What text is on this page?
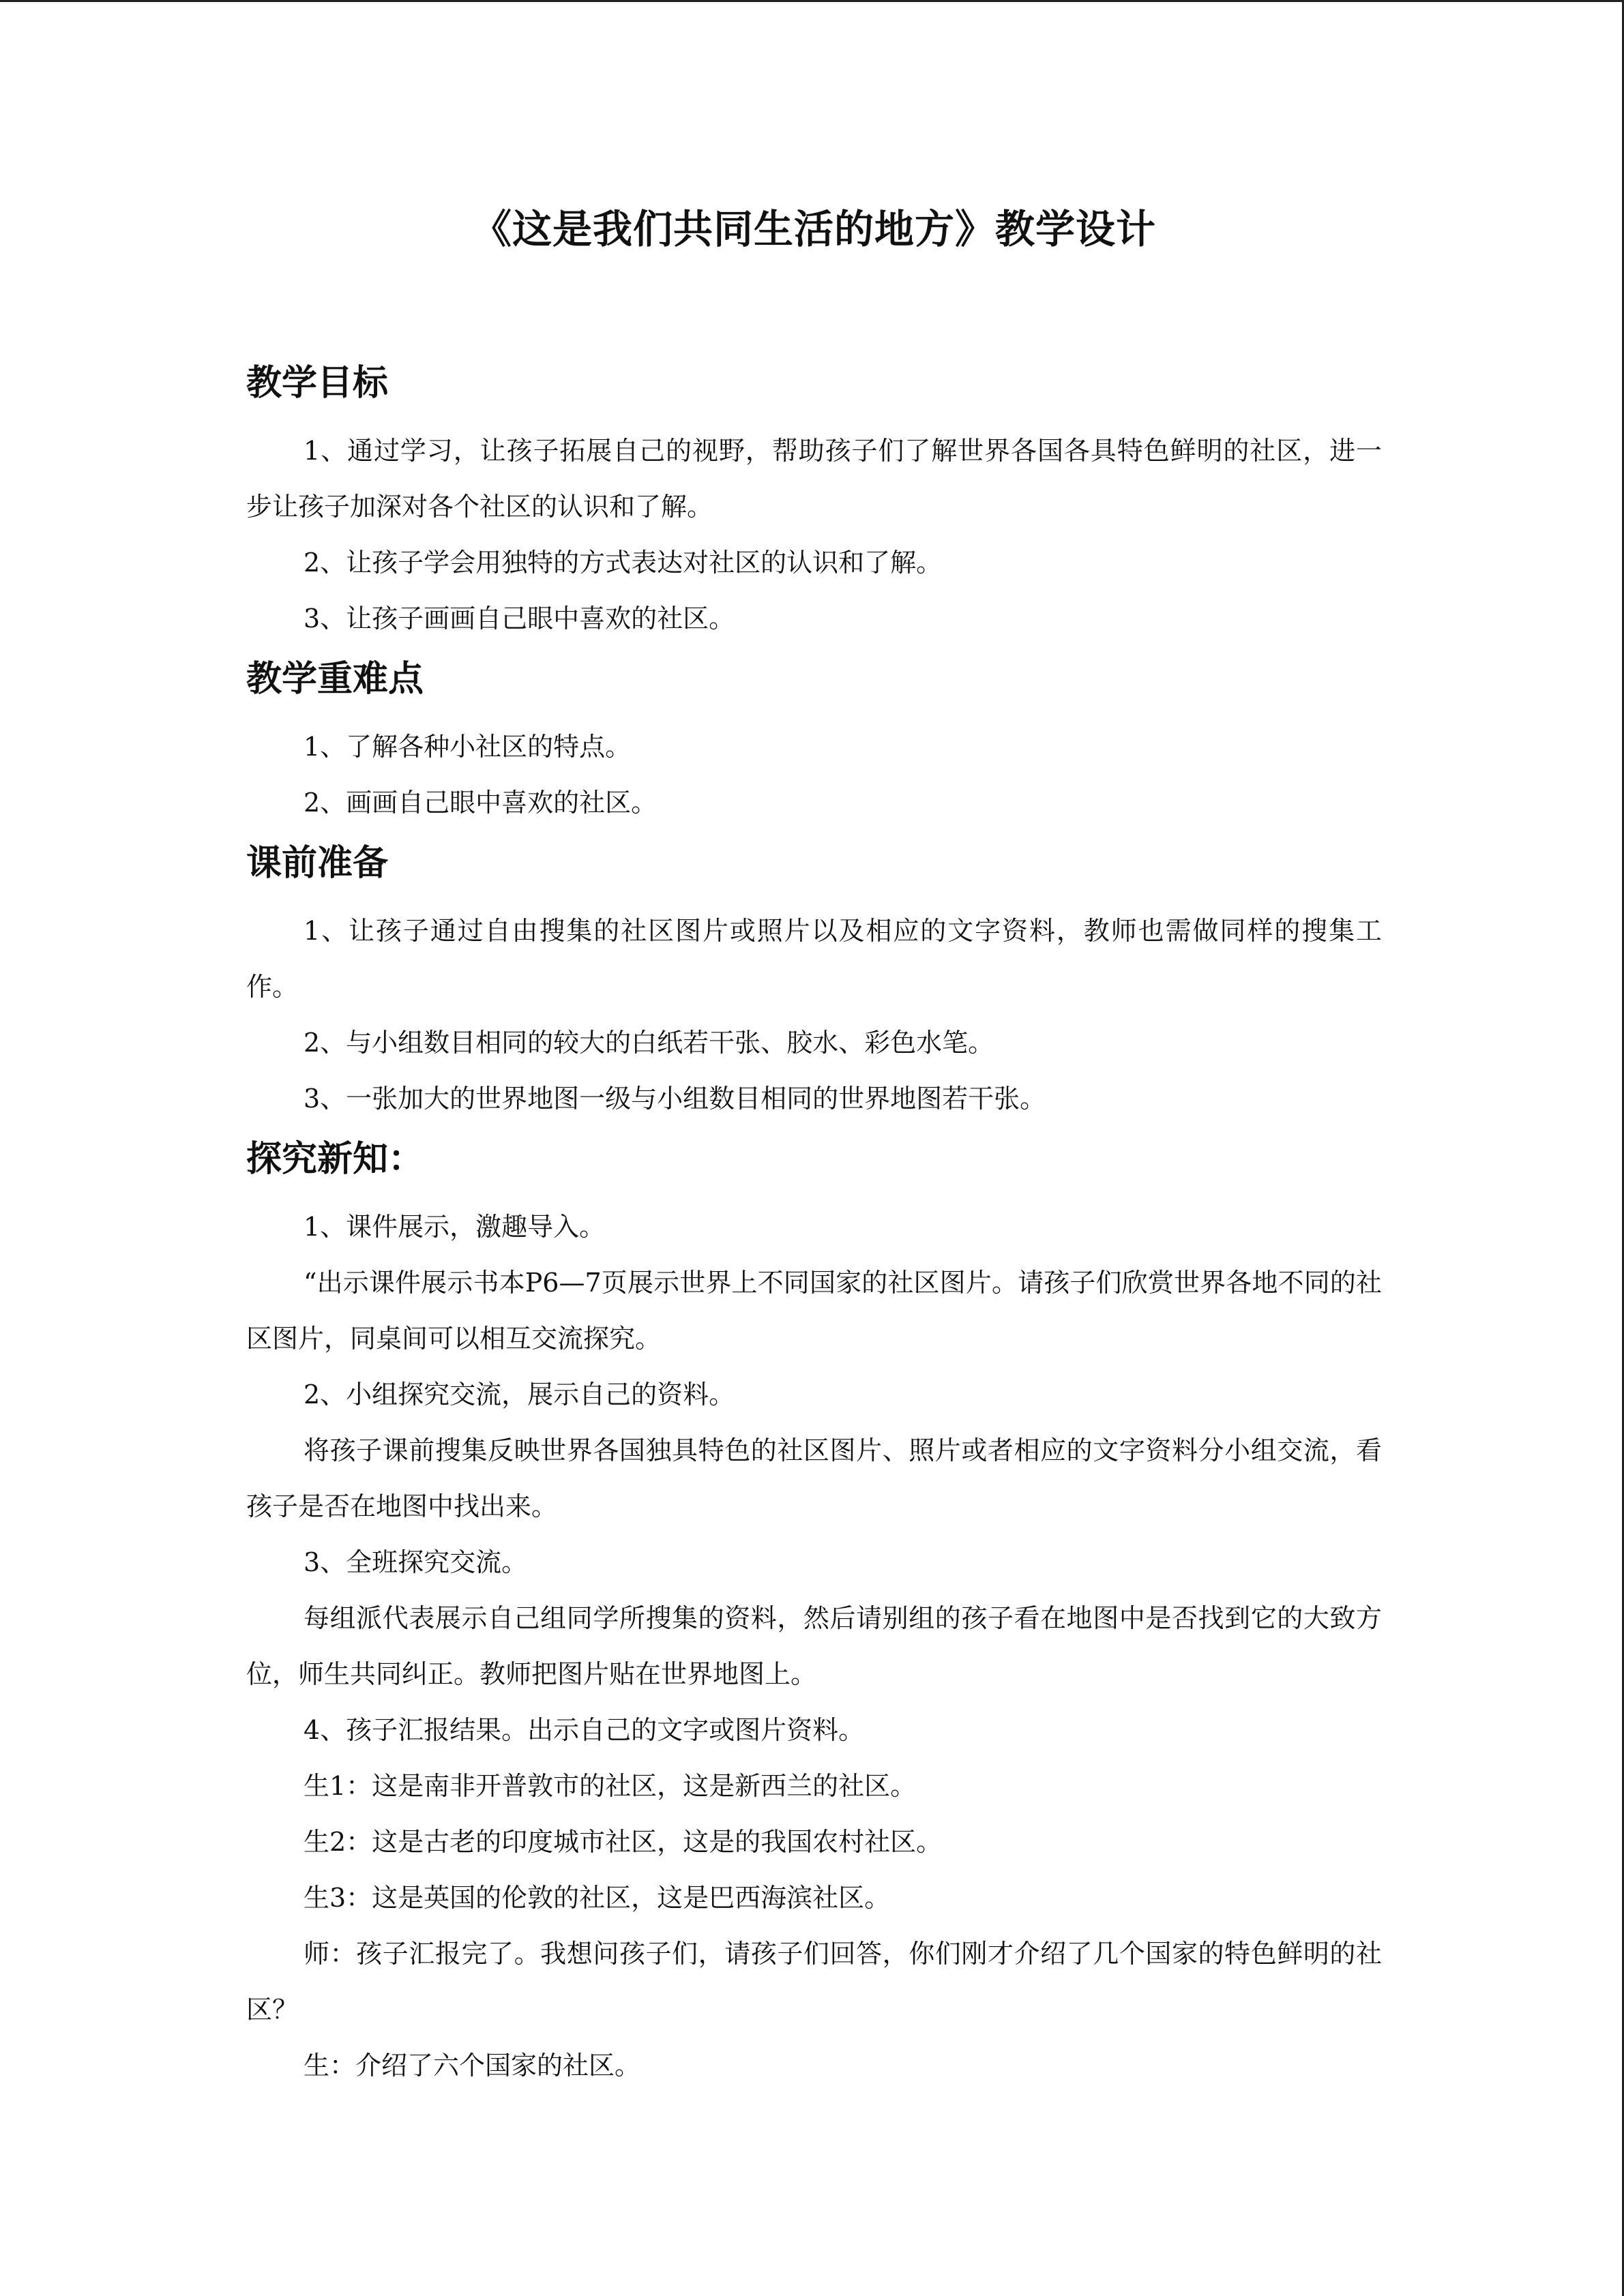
《这是我们共同生活的地方》教学设计
教学目标

1、通过学习，让孩子拓展自己的视野，帮助孩子们了解世界各国各具特色鲜明的社区，进一步让孩子加深对各个社区的认识和了解。

2、让孩子学会用独特的方式表达对社区的认识和了解。

3、让孩子画画自己眼中喜欢的社区。

教学重难点

1、了解各种小社区的特点。

2、画画自己眼中喜欢的社区。

课前准备

1、让孩子通过自由搜集的社区图片或照片以及相应的文字资料，教师也需做同样的搜集工作。

2、与小组数目相同的较大的白纸若干张、胶水、彩色水笔。

3、一张加大的世界地图一级与小组数目相同的世界地图若干张。

探究新知：

1、课件展示，激趣导入。

“出示课件展示书本P6—7页展示世界上不同国家的社区图片。请孩子们欣赏世界各地不同的社区图片，同桌间可以相互交流探究。

2、小组探究交流，展示自己的资料。

将孩子课前搜集反映世界各国独具特色的社区图片、照片或者相应的文字资料分小组交流，看孩子是否在地图中找出来。

3、全班探究交流。

每组派代表展示自己组同学所搜集的资料，然后请别组的孩子看在地图中是否找到它的大致方位，师生共同纠正。教师把图片贴在世界地图上。

4、孩子汇报结果。出示自己的文字或图片资料。

生1：这是南非开普敦市的社区，这是新西兰的社区。

生2：这是古老的印度城市社区，这是的我国农村社区。

生3：这是英国的伦敦的社区，这是巴西海滨社区。

师：孩子汇报完了。我想问孩子们，请孩子们回答，你们刚才介绍了几个国家的特色鲜明的社区？

生：介绍了六个国家的社区。
